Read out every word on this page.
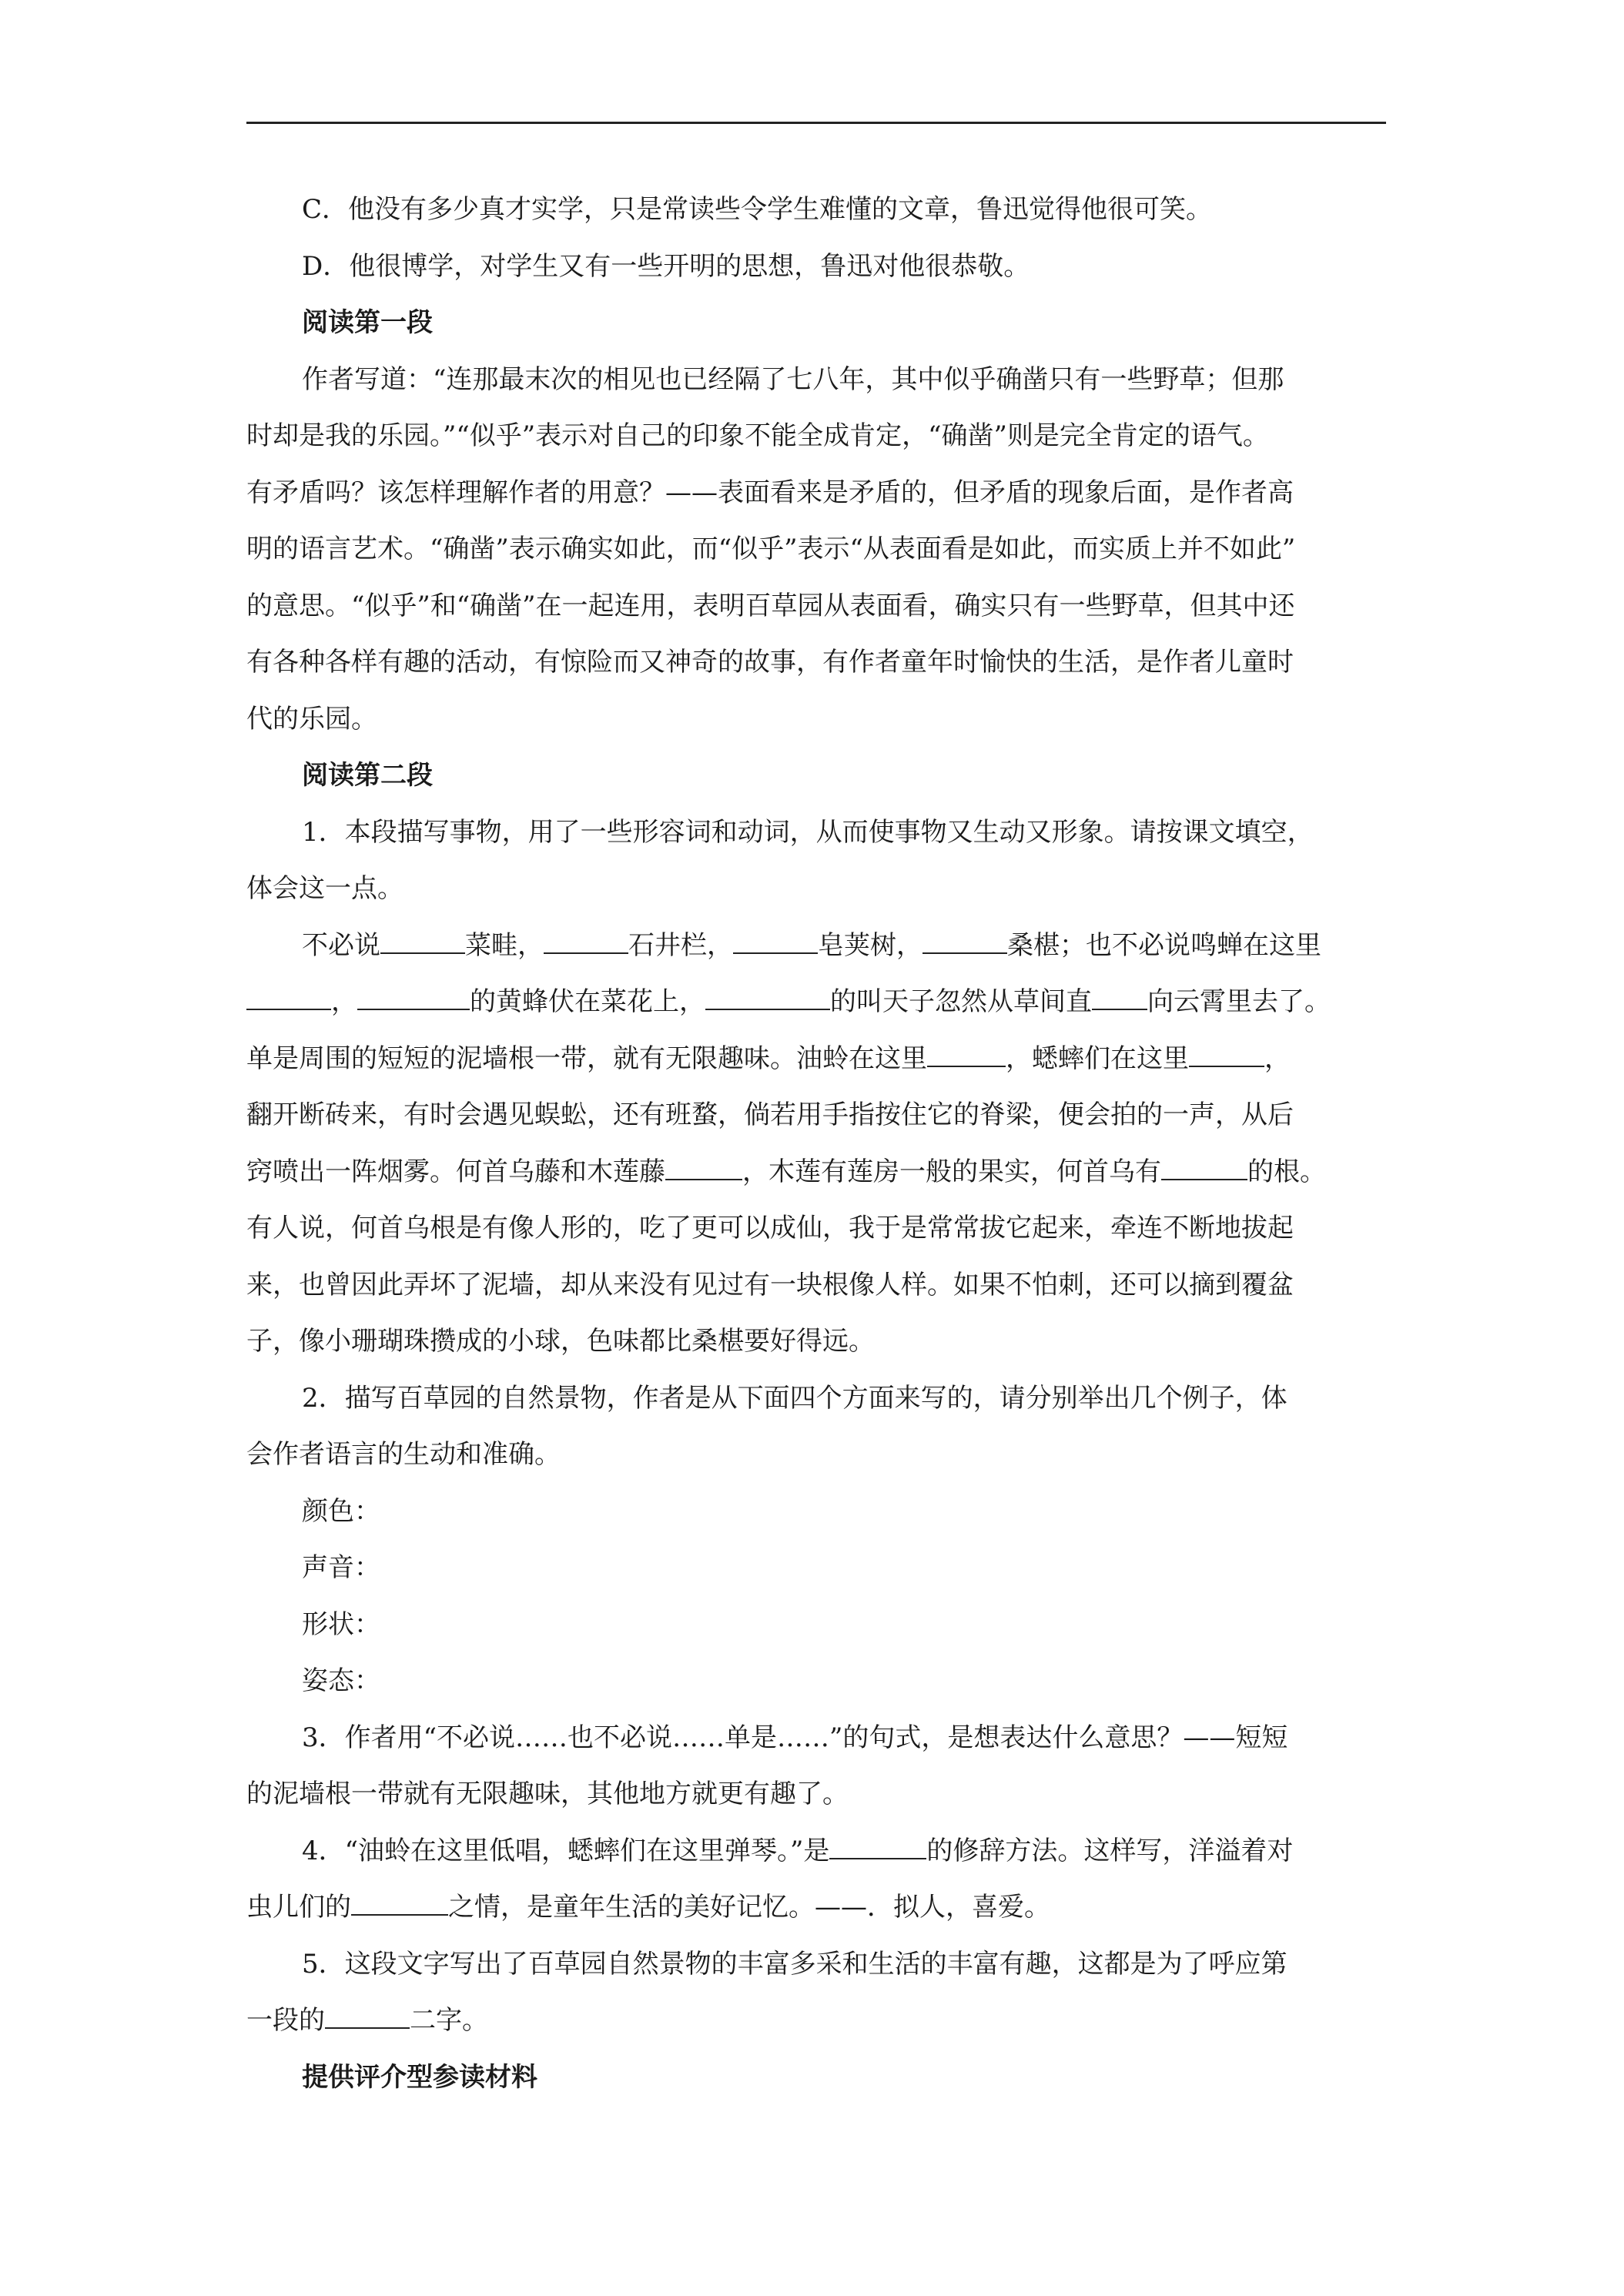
C．他没有多少真才实学，只是常读些令学生难懂的文章，鲁迅觉得他很可笑。

D．他很博学，对学生又有一些开明的思想，鲁迅对他很恭敬。

阅读第一段

作者写道：“连那最末次的相见也已经隔了七八年，其中似乎确凿只有一些野草；但那

时却是我的乐园。”“似乎”表示对自己的印象不能全成肯定，“确凿”则是完全肯定的语气。

有矛盾吗？该怎样理解作者的用意？——表面看来是矛盾的，但矛盾的现象后面，是作者高

明的语言艺术。“确凿”表示确实如此，而“似乎”表示“从表面看是如此，而实质上并不如此”

的意思。“似乎”和“确凿”在一起连用，表明百草园从表面看，确实只有一些野草，但其中还

有各种各样有趣的活动，有惊险而又神奇的故事，有作者童年时愉快的生活，是作者儿童时

代的乐园。

阅读第二段

1．本段描写事物，用了一些形容词和动词，从而使事物又生动又形象。请按课文填空，

体会这一点。

不必说	菜畦，	石井栏，	皂荚树，	桑椹；也不必说鸣蝉在这里

，	的黄蜂伏在菜花上，	的叫天子忽然从草间直 向云霄里去了。

单是周围的短短的泥墙根一带，就有无限趣味。油蛉在这里	，蟋蟀们在这里	，

翻开断砖来，有时会遇见蜈蚣，还有班蝥，倘若用手指按住它的脊梁，便会拍的一声，从后

窍喷出一阵烟雾。何首乌藤和木莲藤	，木莲有莲房一般的果实，何首乌有	的根。

有人说，何首乌根是有像人形的，吃了更可以成仙，我于是常常拔它起来，牵连不断地拔起

来，也曾因此弄坏了泥墙，却从来没有见过有一块根像人样。如果不怕刺，还可以摘到覆盆

子，像小珊瑚珠攒成的小球，色味都比桑椹要好得远。

2．描写百草园的自然景物，作者是从下面四个方面来写的，请分别举出几个例子，体

会作者语言的生动和准确。

颜色：

声音：

形状：

姿态：

3．作者用“不必说……也不必说……单是……”的句式，是想表达什么意思？——短短

的泥墙根一带就有无限趣味，其他地方就更有趣了。

4．“油蛉在这里低唱，蟋蟀们在这里弹琴。”是	的修辞方法。这样写，洋溢着对

虫儿们的	之情，是童年生活的美好记忆。——．拟人，喜爱。

5．这段文字写出了百草园自然景物的丰富多采和生活的丰富有趣，这都是为了呼应第

一段的	二字。

提供评介型参读材料
